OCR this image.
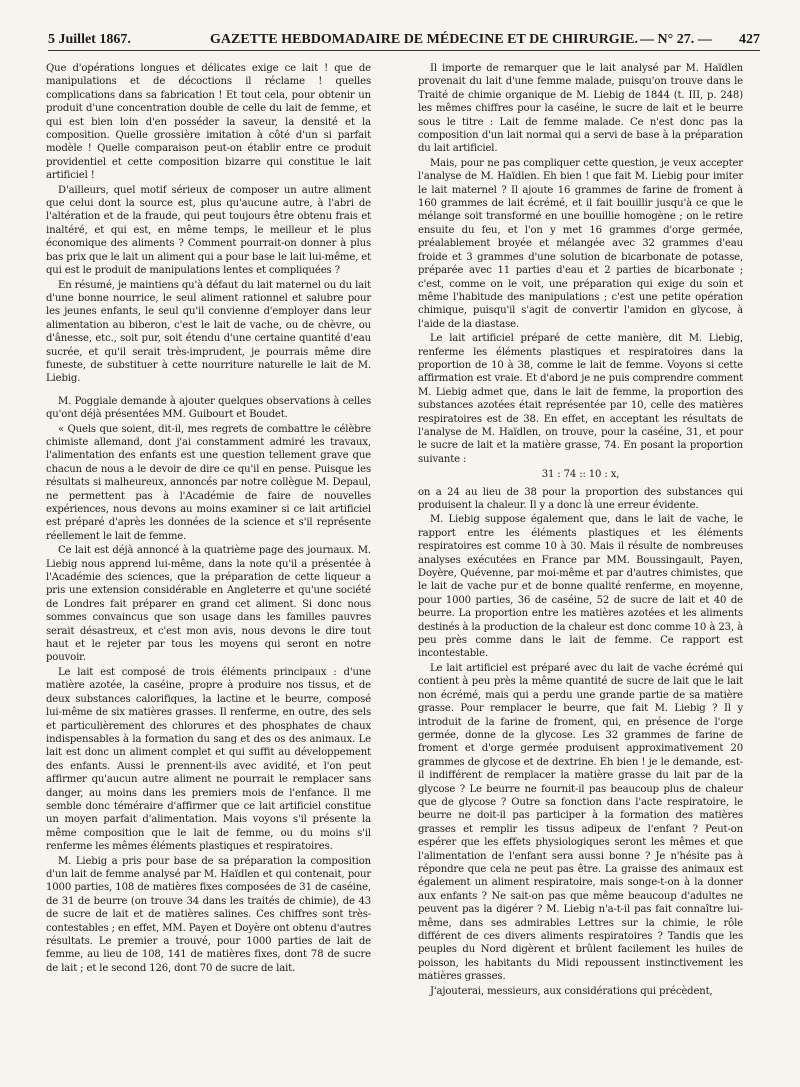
5 Juillet 1867.	GAZETTE HEBDOMADAIRE DE MÉDECINE ET DE CHIRURGIE. — N° 27. — 427

Que d'opérations longues et délicates exige ce lait ! que de manipulations et de décoctions il réclame ! quelles complications dans sa fabrication ! Et tout cela, pour obtenir un produit d'une concentration double de celle du lait de femme, et qui est bien loin d'en posséder la saveur, la densité et la composition. Quelle grossière imitation à côté d'un si parfait modèle ! Quelle comparaison peut-on établir entre ce produit providentiel et cette composition bizarre qui constitue le lait artificiel !

D'ailleurs, quel motif sérieux de composer un autre aliment que celui dont la source est, plus qu'aucune autre, à l'abri de l'altération et de la fraude, qui peut toujours être obtenu frais et inaltéré, et qui est, en même temps, le meilleur et le plus économique des aliments ? Comment pourrait-on donner à plus bas prix que le lait un aliment qui a pour base le lait lui-même, et qui est le produit de manipulations lentes et compliquées ?

En résumé, je maintiens qu'à défaut du lait maternel ou du lait d'une bonne nourrice, le seul aliment rationnel et salubre pour les jeunes enfants, le seul qu'il convienne d'employer dans leur alimentation au biberon, c'est le lait de vache, ou de chèvre, ou d'ânesse, etc., soit pur, soit étendu d'une certaine quantité d'eau sucrée, et qu'il serait très-imprudent, je pourrais même dire funeste, de substituer à cette nourriture naturelle le lait de M. Liebig.

M. Poggiale demande à ajouter quelques observations à celles qu'ont déjà présentées MM. Guibourt et Boudet.

« Quels que soient, dit-il, mes regrets de combattre le célèbre chimiste allemand, dont j'ai constamment admiré les travaux, l'alimentation des enfants est une question tellement grave que chacun de nous a le devoir de dire ce qu'il en pense. Puisque les résultats si malheureux, annoncés par notre collègue M. Depaul, ne permettent pas à l'Académie de faire de nouvelles expériences, nous devons au moins examiner si ce lait artificiel est préparé d'après les données de la science et s'il représente réellement le lait de femme.

Ce lait est déjà annoncé à la quatrième page des journaux. M. Liebig nous apprend lui-même, dans la note qu'il a présentée à l'Académie des sciences, que la préparation de cette liqueur a pris une extension considérable en Angleterre et qu'une société de Londres fait préparer en grand cet aliment. Si donc nous sommes convaincus que son usage dans les familles pauvres serait désastreux, et c'est mon avis, nous devons le dire tout haut et le rejeter par tous les moyens qui seront en notre pouvoir.

Le lait est composé de trois éléments principaux : d'une matière azotée, la caséine, propre à produire nos tissus, et de deux substances calorifiques, la lactine et le beurre, composé lui-même de six matières grasses. Il renferme, en outre, des sels et particulièrement des chlorures et des phosphates de chaux indispensables à la formation du sang et des os des animaux. Le lait est donc un aliment complet et qui suffit au développement des enfants. Aussi le prennent-ils avec avidité, et l'on peut affirmer qu'aucun autre aliment ne pourrait le remplacer sans danger, au moins dans les premiers mois de l'enfance. Il me semble donc téméraire d'affirmer que ce lait artificiel constitue un moyen parfait d'alimentation. Mais voyons s'il présente la même composition que le lait de femme, ou du moins s'il renferme les mêmes éléments plastiques et respiratoires.

M. Liebig a pris pour base de sa préparation la composition d'un lait de femme analysé par M. Haïdlen et qui contenait, pour 1000 parties, 108 de matières fixes composées de 31 de caséine, de 31 de beurre (on trouve 34 dans les traités de chimie), de 43 de sucre de lait et de matières salines. Ces chiffres sont très-contestables ; en effet, MM. Payen et Doyère ont obtenu d'autres résultats. Le premier a trouvé, pour 1000 parties de lait de femme, au lieu de 108, 141 de matières fixes, dont 78 de sucre de lait ; et le second 126, dont 70 de sucre de lait.

Il importe de remarquer que le lait analysé par M. Haïdlen provenait du lait d'une femme malade, puisqu'on trouve dans le Traité de chimie organique de M. Liebig de 1844 (t. III, p. 248) les mêmes chiffres pour la caséine, le sucre de lait et le beurre sous le titre : Lait de femme malade. Ce n'est donc pas la composition d'un lait normal qui a servi de base à la préparation du lait artificiel.

Mais, pour ne pas compliquer cette question, je veux accepter l'analyse de M. Haïdlen. Eh bien ! que fait M. Liebig pour imiter le lait maternel ? Il ajoute 16 grammes de farine de froment à 160 grammes de lait écrémé, et il fait bouillir jusqu'à ce que le mélange soit transformé en une bouillie homogène ; on le retire ensuite du feu, et l'on y met 16 grammes d'orge germée, préalablement broyée et mélangée avec 32 grammes d'eau froide et 3 grammes d'une solution de bicarbonate de potasse, préparée avec 11 parties d'eau et 2 parties de bicarbonate ; c'est, comme on le voit, une préparation qui exige du soin et même l'habitude des manipulations ; c'est une petite opération chimique, puisqu'il s'agit de convertir l'amidon en glycose, à l'aide de la diastase.

Le lait artificiel préparé de cette manière, dit M. Liebig, renferme les éléments plastiques et respiratoires dans la proportion de 10 à 38, comme le lait de femme. Voyons si cette affirmation est vraie. Et d'abord je ne puis comprendre comment M. Liebig admet que, dans le lait de femme, la proportion des substances azotées était représentée par 10, celle des matières respiratoires est de 38. En effet, en acceptant les résultats de l'analyse de M. Haïdlen, on trouve, pour la caséine, 31, et pour le sucre de lait et la matière grasse, 74. En posant la proportion suivante :

31 : 74 :: 10 : x,

on a 24 au lieu de 38 pour la proportion des substances qui produisent la chaleur. Il y a donc là une erreur évidente.

M. Liebig suppose également que, dans le lait de vache, le rapport entre les éléments plastiques et les éléments respiratoires est comme 10 à 30. Mais il résulte de nombreuses analyses exécutées en France par MM. Boussingault, Payen, Doyère, Quévenne, par moi-même et par d'autres chimistes, que le lait de vache pur et de bonne qualité renferme, en moyenne, pour 1000 parties, 36 de caséine, 52 de sucre de lait et 40 de beurre. La proportion entre les matières azotées et les aliments destinés à la production de la chaleur est donc comme 10 à 23, à peu près comme dans le lait de femme. Ce rapport est incontestable.

Le lait artificiel est préparé avec du lait de vache écrémé qui contient à peu près la même quantité de sucre de lait que le lait non écrémé, mais qui a perdu une grande partie de sa matière grasse. Pour remplacer le beurre, que fait M. Liebig ? Il y introduit de la farine de froment, qui, en présence de l'orge germée, donne de la glycose. Les 32 grammes de farine de froment et d'orge germée produisent approximativement 20 grammes de glycose et de dextrine. Eh bien ! je le demande, est-il indifférent de remplacer la matière grasse du lait par de la glycose ? Le beurre ne fournit-il pas beaucoup plus de chaleur que de glycose ? Outre sa fonction dans l'acte respiratoire, le beurre ne doit-il pas participer à la formation des matières grasses et remplir les tissus adipeux de l'enfant ? Peut-on espérer que les effets physiologiques seront les mêmes et que l'alimentation de l'enfant sera aussi bonne ? Je n'hésite pas à répondre que cela ne peut pas être. La graisse des animaux est également un aliment respiratoire, mais songe-t-on à la donner aux enfants ? Ne sait-on pas que même beaucoup d'adultes ne peuvent pas la digérer ? M. Liebig n'a-t-il pas fait connaître lui-même, dans ses admirables Lettres sur la chimie, le rôle différent de ces divers aliments respiratoires ? Tandis que les peuples du Nord digèrent et brûlent facilement les huiles de poisson, les habitants du Midi repoussent instinctivement les matières grasses.

J'ajouterai, messieurs, aux considérations qui précèdent,
